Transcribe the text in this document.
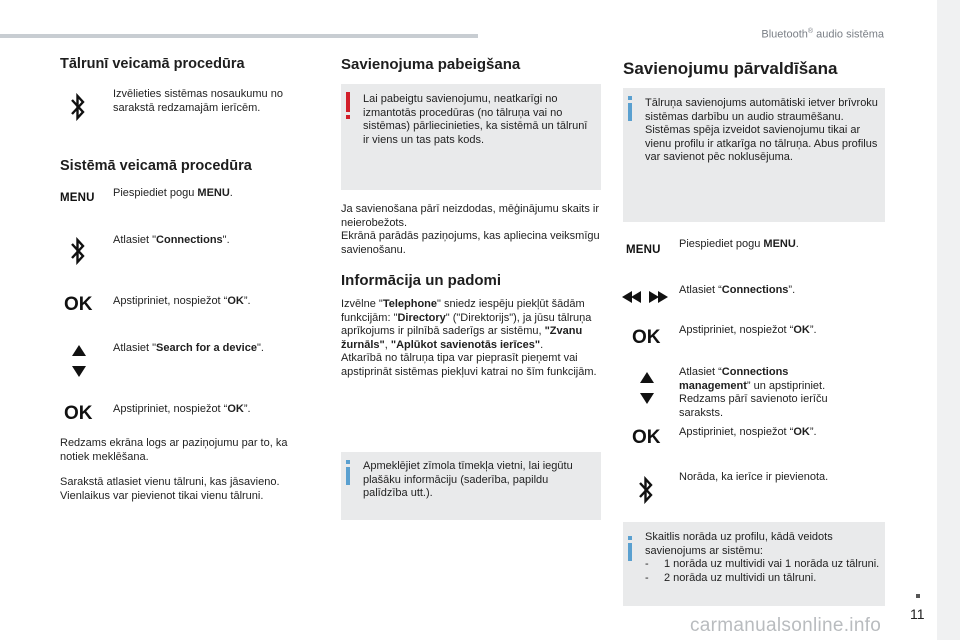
Bluetooth® audio sistēma
11
carmanualsonline.info
Tālrunī veicamā procedūra
Izvēlieties sistēmas nosaukumu no sarakstā redzamajām ierīcēm.
Sistēmā veicamā procedūra
MENU Piespiediet pogu MENU.
Atlasiet "Connections".
OK Apstipriniet, nospiežot “OK”.
Atlasiet "Search for a device".
OK Apstipriniet, nospiežot “OK”.
Redzams ekrāna logs ar paziņojumu par to, ka notiek meklēšana.
Sarakstā atlasiet vienu tālruni, kas jāsavieno. Vienlaikus var pievienot tikai vienu tālruni.
Savienojuma pabeigšana
Lai pabeigtu savienojumu, neatkarīgi no izmantotās procedūras (no tālruņa vai no sistēmas) pārliecinieties, ka sistēmā un tālrunī ir viens un tas pats kods.
Ja savienošana pārī neizdodas, mēģinājumu skaits ir neierobežots.
Ekrānā parādās paziņojums, kas apliecina veiksmīgu savienošanu.
Informācija un padomi
Izvēlne "Telephone" sniedz iespēju piekļūt šādām funkcijām: "Directory" ("Direktorijs"), ja jūsu tālruņa aprīkojums ir pilnībā saderīgs ar sistēmu, "Zvanu žurnāls", "Aplūkot savienotās ierīces".
Atkarībā no tālruņa tipa var pieprasīt pieņemt vai apstiprināt sistēmas piekļuvi katrai no šīm funkcijām.
Apmeklējiet zīmola tīmekļa vietni, lai iegūtu plašāku informāciju (saderība, papildu palīdzība utt.).
Savienojumu pārvaldīšana
Tālruņa savienojums automātiski ietver brīvroku sistēmas darbību un audio straumēšanu.
Sistēmas spēja izveidot savienojumu tikai ar vienu profilu ir atkarīga no tālruņa. Abus profilus var savienot pēc noklusējuma.
MENU Piespiediet pogu MENU.
Atlasiet “Connections”.
OK Apstipriniet, nospiežot “OK”.
Atlasiet “Connections management” un apstipriniet. Redzams pārī savienoto ierīču saraksts.
OK Apstipriniet, nospiežot “OK”.
Norāda, ka ierīce ir pievienota.
Skaitlis norāda uz profilu, kādā veidots savienojums ar sistēmu:
- 1 norāda uz multividi vai 1 norāda uz tālruni.
- 2 norāda uz multividi un tālruni.
